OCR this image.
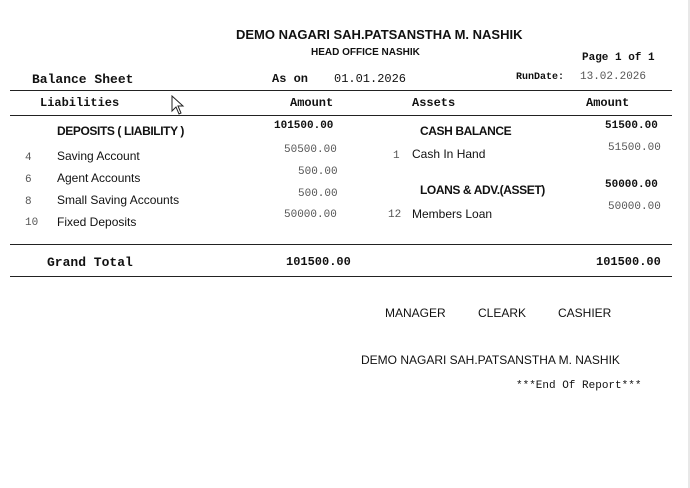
DEMO NAGARI SAH.PATSANSTHA M. NASHIK
HEAD OFFICE NASHIK	Page 1 of 1
Balance Sheet	As on 01.01.2026	RunDate: 13.02.2026
Liabilities	Amount	Assets	Amount
DEPOSITS ( LIABILITY )	101500.00
4 Saving Account	50500.00
6 Agent Accounts	500.00
8 Small Saving Accounts	500.00
10 Fixed Deposits	50000.00
CASH BALANCE	51500.00
1 Cash In Hand	51500.00
LOANS & ADV.(ASSET)	50000.00
12 Members Loan	50000.00
Grand Total	101500.00	101500.00
MANAGER	CLEARK	CASHIER
DEMO NAGARI SAH.PATSANSTHA M. NASHIK
***End Of Report***
